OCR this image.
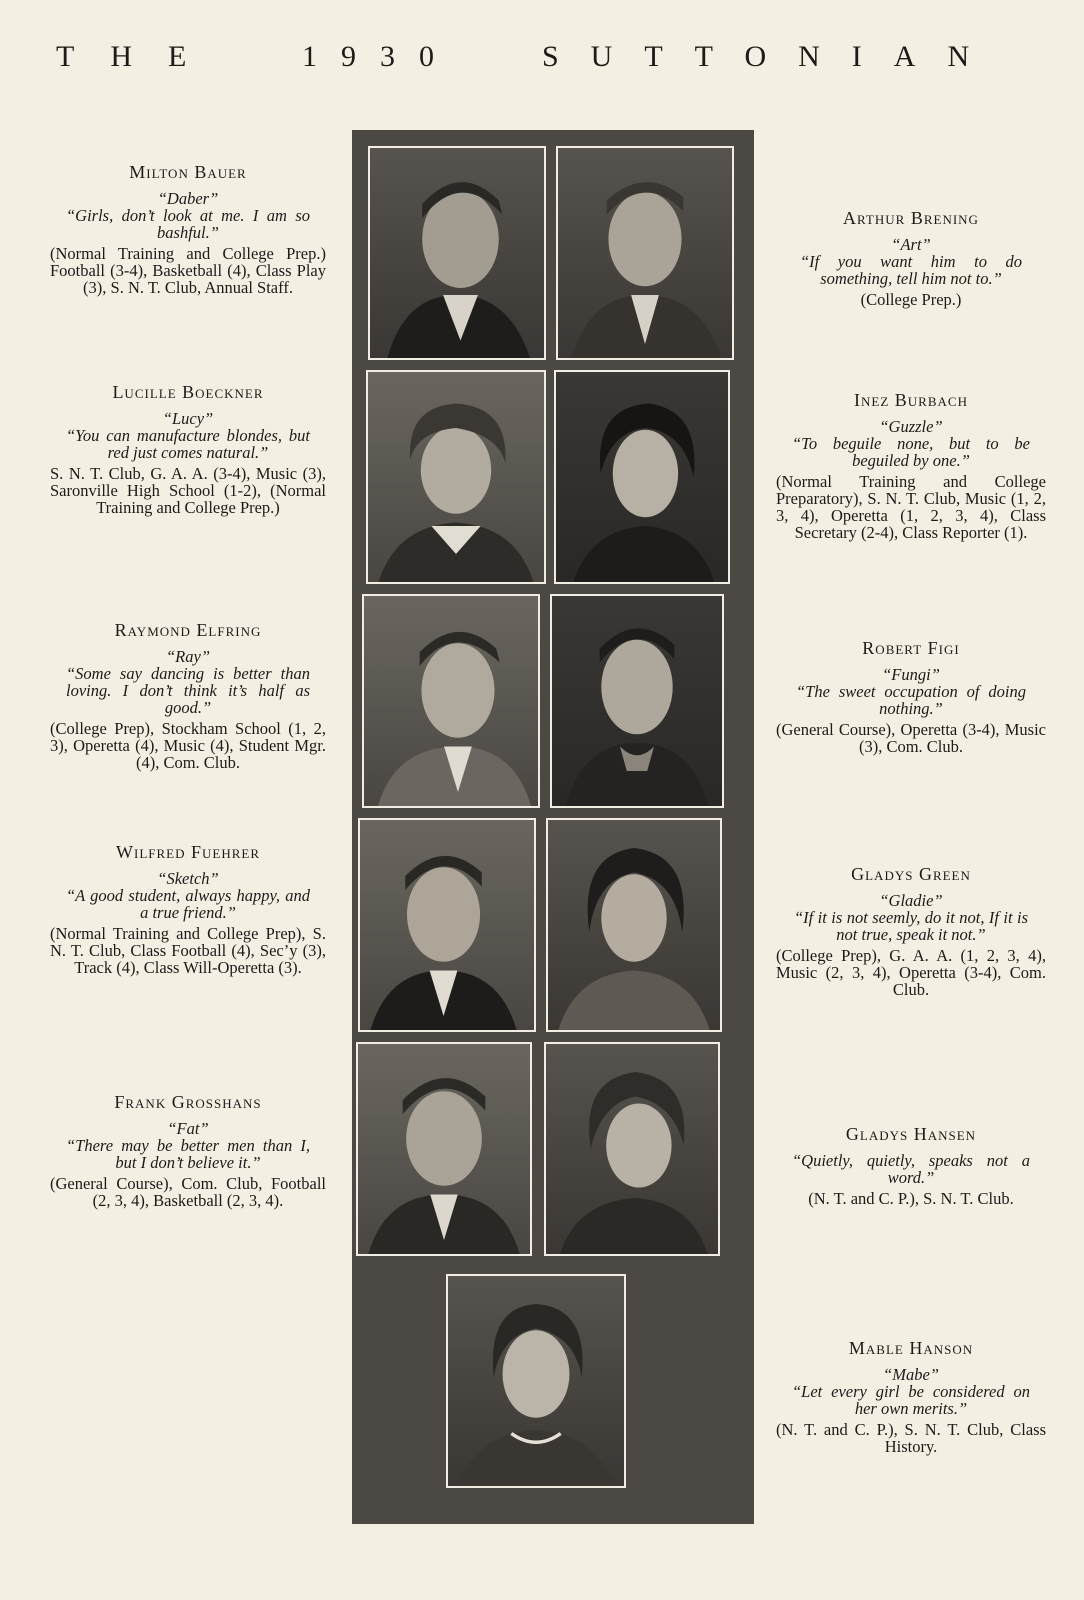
THE	1930	SUTTONIAN
Milton Bauer
“Daber”
“Girls, don’t look at me. I am so bashful.”
(Normal Training and College Prep.) Football (3-4), Basketball (4), Class Play (3), S. N. T. Club, Annual Staff.
Lucille Boeckner
“Lucy”
“You can manufacture blondes, but red just comes natural.”
S. N. T. Club, G. A. A. (3-4), Music (3), Saronville High School (1-2), (Normal Training and College Prep.)
Raymond Elfring
“Ray”
“Some say dancing is better than loving. I don’t think it’s half as good.”
(College Prep), Stockham School (1, 2, 3), Operetta (4), Music (4), Student Mgr. (4), Com. Club.
Wilfred Fuehrer
“Sketch”
“A good student, always happy, and a true friend.”
(Normal Training and College Prep), S. N. T. Club, Class Football (4), Sec’y (3), Track (4), Class Will-Operetta (3).
Frank Grosshans
“Fat”
“There may be better men than I, but I don’t believe it.”
(General Course), Com. Club, Football (2, 3, 4), Basketball (2, 3, 4).
Arthur Brening
“Art”
“If you want him to do something, tell him not to.”
(College Prep.)
Inez Burbach
“Guzzle”
“To beguile none, but to be beguiled by one.”
(Normal Training and College Preparatory), S. N. T. Club, Music (1, 2, 3, 4), Operetta (1, 2, 3, 4), Class Secretary (2-4), Class Reporter (1).
Robert Figi
“Fungi”
“The sweet occupation of doing nothing.”
(General Course), Operetta (3-4), Music (3), Com. Club.
Gladys Green
“Gladie”
“If it is not seemly, do it not, If it is not true, speak it not.”
(College Prep), G. A. A. (1, 2, 3, 4), Music (2, 3, 4), Operetta (3-4), Com. Club.
Gladys Hansen
“Quietly, quietly, speaks not a word.”
(N. T. and C. P.), S. N. T. Club.
Mable Hanson
“Mabe”
“Let every girl be considered on her own merits.”
(N. T. and C. P.), S. N. T. Club, Class History.
